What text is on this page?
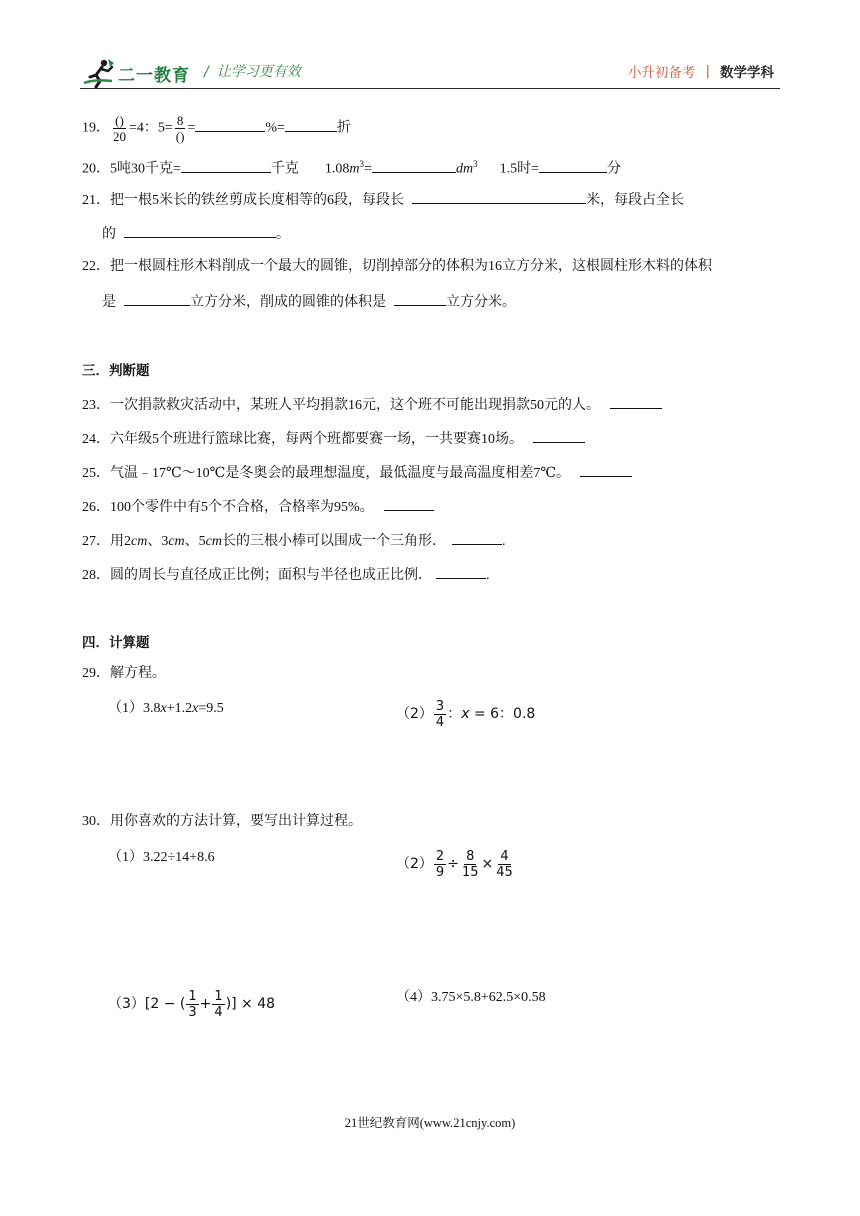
二一教育 / 让学习更有效	小升初备考 | 数学学科
19． $\frac{()}{20} =4$：$5= \frac{8}{()}$ =	%=	折
20．5吨30千克=	千克 $1.08m^3=$	$dm^3$ 1.5时=	分
21．把一根5米长的铁丝剪成长度相等的6段，每段长	米，每段占全长
的	。
22．把一根圆柱形木料削成一个最大的圆锥，切削掉部分的体积为16立方分米，这根圆柱形木料的体积
是	立方分米，削成的圆锥的体积是	立方分米。
三．判断题
23．一次捐款救灾活动中，某班人平均捐款16元，这个班不可能出现捐款50元的人。
24．六年级5个班进行篮球比赛，每两个班都要赛一场，一共要赛10场。
25．气温﹣17℃～10℃是冬奥会的最理想温度，最低温度与最高温度相差7℃。
26．100个零件中有5个不合格，合格率为95%。
27．用2cm、3cm、5cm长的三根小棒可以围成一个三角形．	.
28．圆的周长与直径成正比例；面积与半径也成正比例．	.
四．计算题
29．解方程。
（1）3.8x+1.2x=9.5	$(2) \frac{3}{4}$ ：x = 6：0.8
30．用你喜欢的方法计算，要写出计算过程。
（1）3.22÷14+8.6	$(2) \frac{2}{9} \div \frac{8}{15} \times \frac{4}{45}$
（3）[2 − ( $\frac{1}{3} + \frac{1}{4}$ )] × 48	（4）3.75×5.8+62.5×0.58
21世纪教育网(www.21cnjy.com)
